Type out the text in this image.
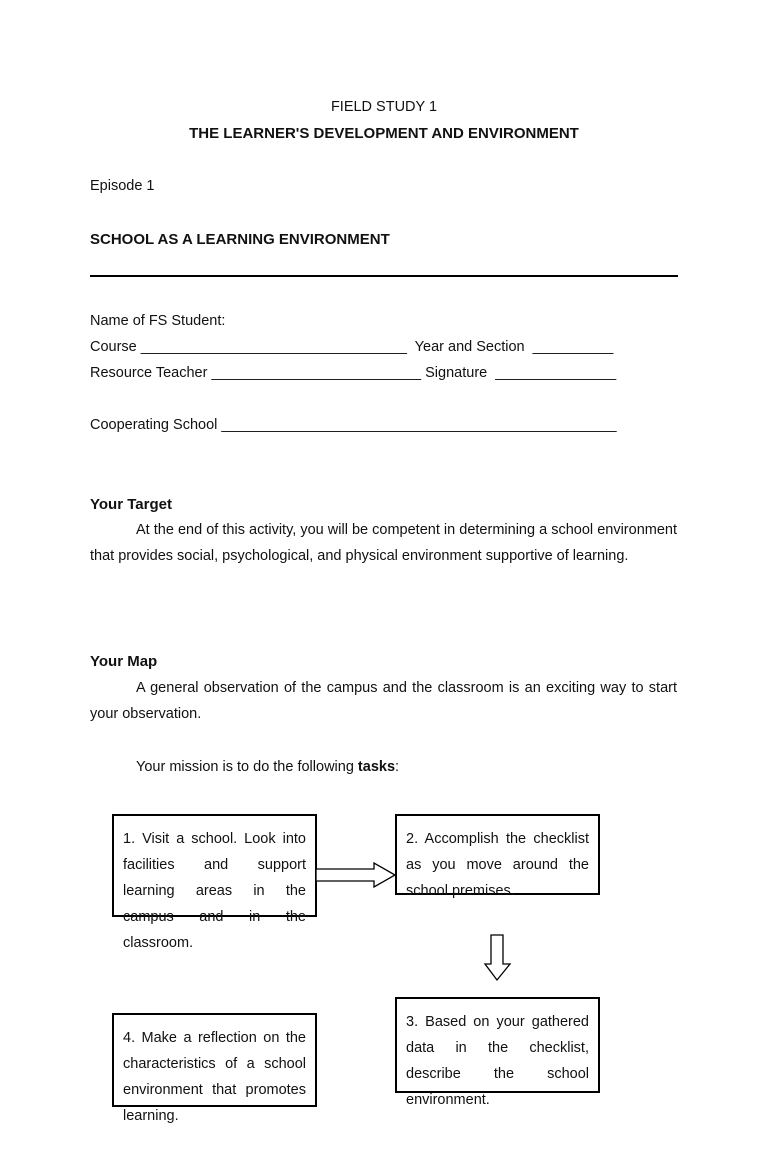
FIELD STUDY 1
THE LEARNER'S DEVELOPMENT AND ENVIRONMENT
Episode 1
SCHOOL AS A LEARNING ENVIRONMENT
Name of FS Student:
Course _________________________________  Year and Section  __________
Resource Teacher __________________________ Signature  _______________
Cooperating School _________________________________________________
Your Target
At the end of this activity, you will be competent in determining a school environment that provides social, psychological, and physical environment supportive of learning.
Your Map
A general observation of the campus and the classroom is an exciting way to start your observation.
Your mission is to do the following tasks:
1. Visit a school. Look into facilities and support learning areas in the campus and in the classroom.
2. Accomplish the checklist as you move around the school premises.
3. Based on your gathered data in the checklist, describe the school environment.
4. Make a reflection on the characteristics of a school environment that promotes learning.
